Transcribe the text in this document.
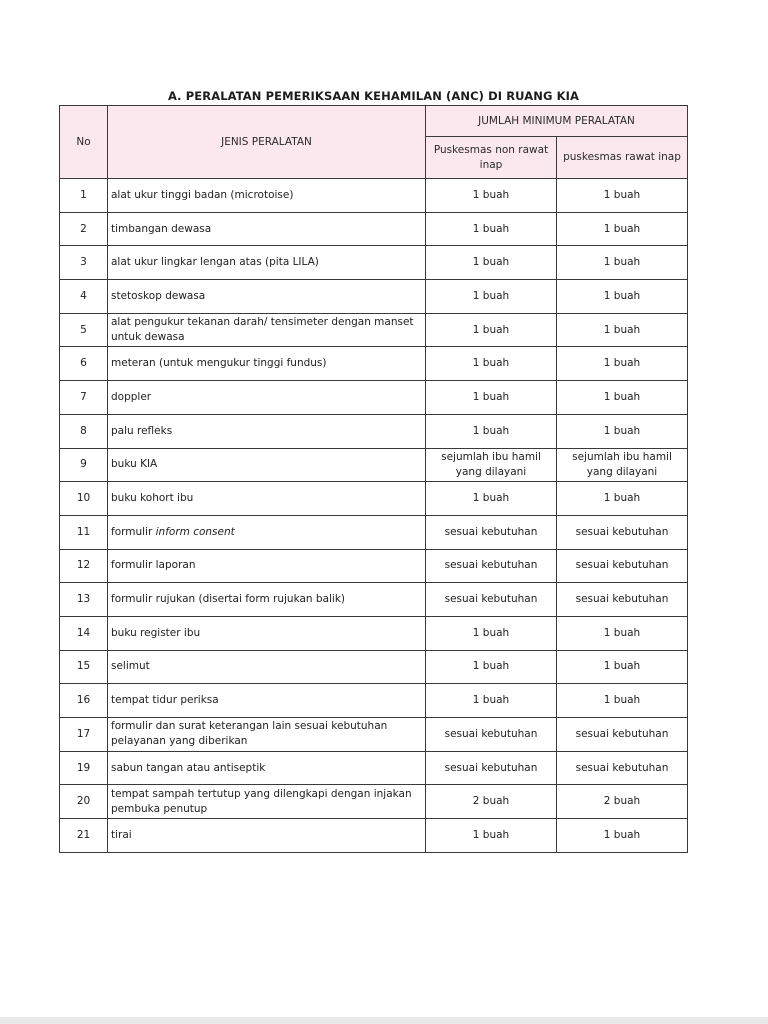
A. PERALATAN PEMERIKSAAN KEHAMILAN (ANC) DI RUANG KIA
No	JENIS PERALATAN	JUMLAH MINIMUM PERALATAN	
		Puskesmas non rawat inap	puskesmas rawat inap
1	alat ukur tinggi badan (microtoise)	1 buah	1 buah
2	timbangan dewasa	1 buah	1 buah
3	alat ukur lingkar lengan atas (pita LILA)	1 buah	1 buah
4	stetoskop dewasa	1 buah	1 buah
5	alat pengukur tekanan darah/ tensimeter dengan manset untuk dewasa	1 buah	1 buah
6	meteran (untuk mengukur tinggi fundus)	1 buah	1 buah
7	doppler	1 buah	1 buah
8	palu refleks	1 buah	1 buah
9	buku KIA	sejumlah ibu hamil yang dilayani	sejumlah ibu hamil yang dilayani
10	buku kohort ibu	1 buah	1 buah
11	formulir inform consent	sesuai kebutuhan	sesuai kebutuhan
12	formulir laporan	sesuai kebutuhan	sesuai kebutuhan
13	formulir rujukan (disertai form rujukan balik)	sesuai kebutuhan	sesuai kebutuhan
14	buku register ibu	1 buah	1 buah
15	selimut	1 buah	1 buah
16	tempat tidur periksa	1 buah	1 buah
17	formulir dan surat keterangan lain sesuai kebutuhan pelayanan yang diberikan	sesuai kebutuhan	sesuai kebutuhan
19	sabun tangan atau antiseptik	sesuai kebutuhan	sesuai kebutuhan
20	tempat sampah tertutup yang dilengkapi dengan injakan pembuka penutup	2 buah	2 buah
21	tirai	1 buah	1 buah
